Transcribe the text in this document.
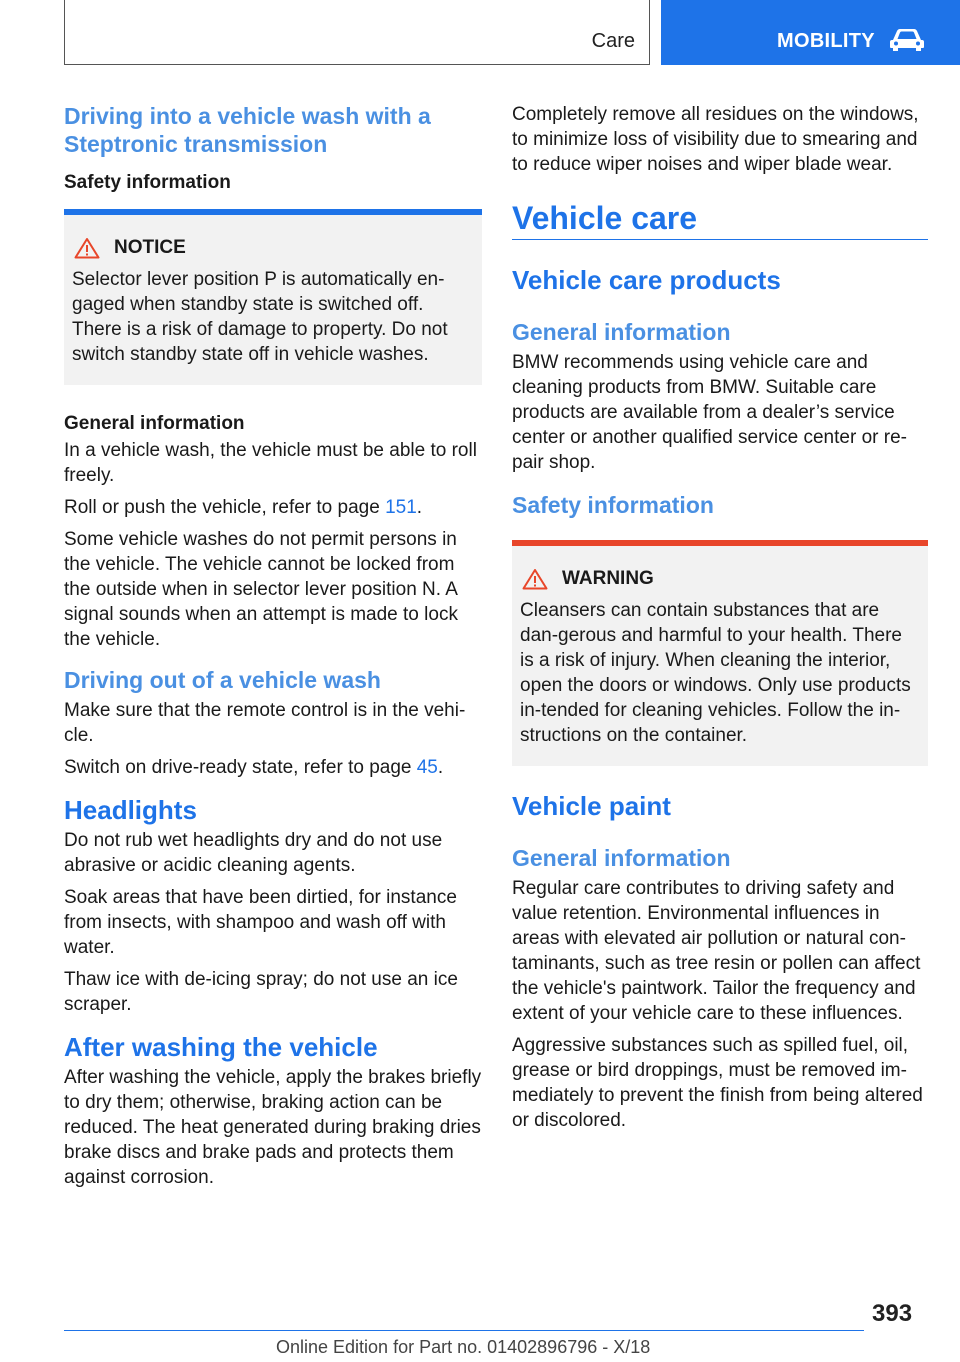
Care	MOBILITY
Driving into a vehicle wash with a Steptronic transmission
Safety information
NOTICE

Selector lever position P is automatically en-gaged when standby state is switched off. There is a risk of damage to property. Do not switch standby state off in vehicle washes.

General information

In a vehicle wash, the vehicle must be able to roll freely.

Roll or push the vehicle, refer to page 151.

Some vehicle washes do not permit persons in the vehicle. The vehicle cannot be locked from the outside when in selector lever position N. A signal sounds when an attempt is made to lock the vehicle.

Driving out of a vehicle wash

Make sure that the remote control is in the vehi-cle.

Switch on drive-ready state, refer to page 45.

Headlights

Do not rub wet headlights dry and do not use abrasive or acidic cleaning agents.

Soak areas that have been dirtied, for instance from insects, with shampoo and wash off with water.

Thaw ice with de-icing spray; do not use an ice scraper.

After washing the vehicle

After washing the vehicle, apply the brakes briefly to dry them; otherwise, braking action can be reduced. The heat generated during braking dries brake discs and brake pads and protects them against corrosion.

Completely remove all residues on the windows, to minimize loss of visibility due to smearing and to reduce wiper noises and wiper blade wear.

Vehicle care
Vehicle care products
General information

BMW recommends using vehicle care and cleaning products from BMW. Suitable care products are available from a dealer’s service center or another qualified service center or re-pair shop.

Safety information
WARNING

Cleansers can contain substances that are dan-gerous and harmful to your health. There is a risk of injury. When cleaning the interior, open the doors or windows. Only use products in-tended for cleaning vehicles. Follow the in-structions on the container.

Vehicle paint
General information

Regular care contributes to driving safety and value retention. Environmental influences in areas with elevated air pollution or natural con-taminants, such as tree resin or pollen can affect the vehicle's paintwork. Tailor the frequency and extent of your vehicle care to these influences.

Aggressive substances such as spilled fuel, oil, grease or bird droppings, must be removed im-mediately to prevent the finish from being altered or discolored.

393
Online Edition for Part no. 01402896796 - X/18
